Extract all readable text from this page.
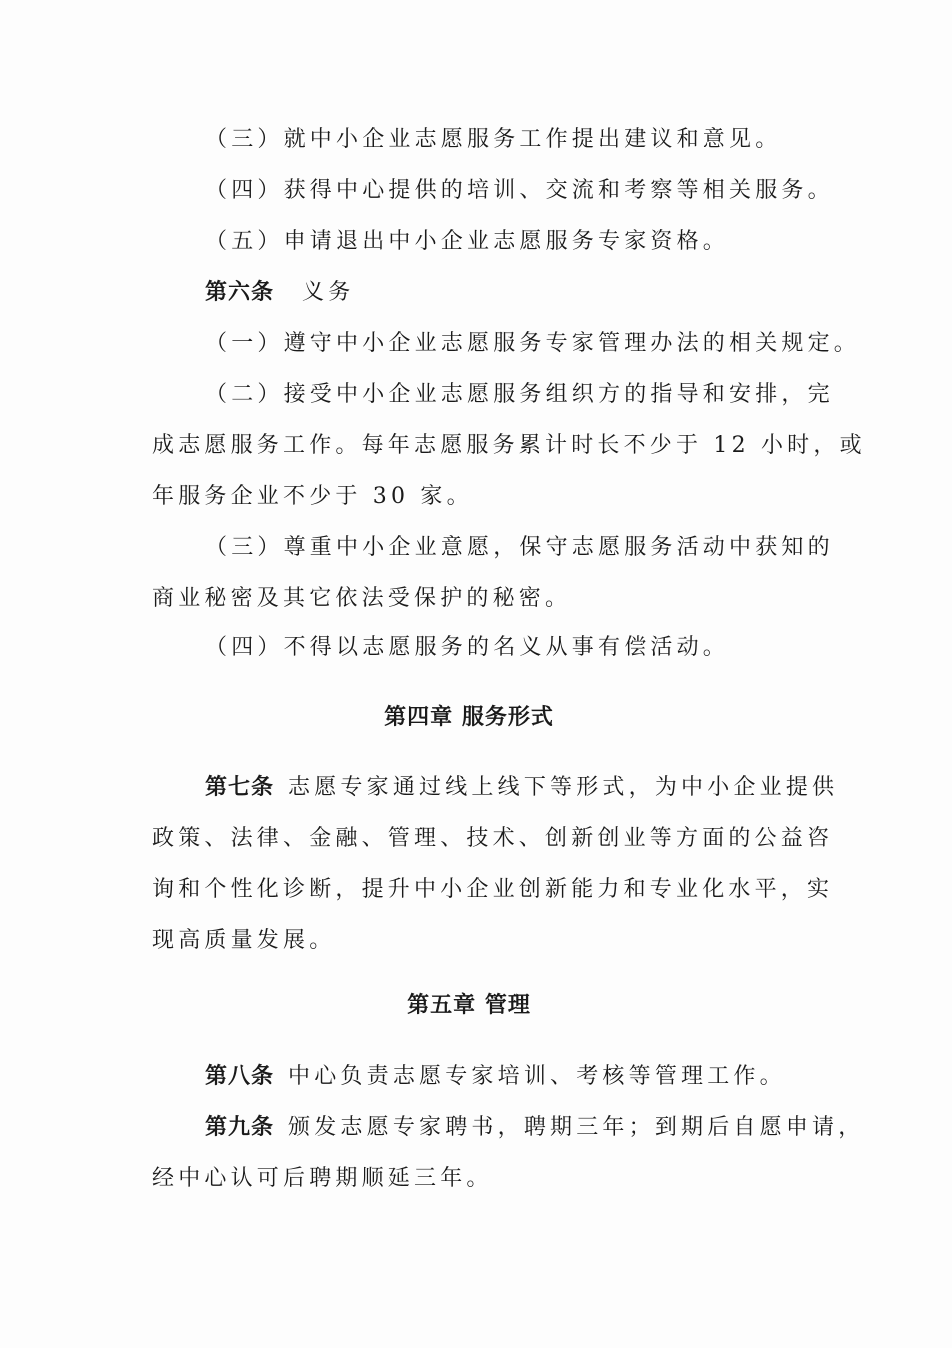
（三）就中小企业志愿服务工作提出建议和意见。
（四）获得中心提供的培训、交流和考察等相关服务。
（五）申请退出中小企业志愿服务专家资格。
第六条 义务
（一）遵守中小企业志愿服务专家管理办法的相关规定。
（二）接受中小企业志愿服务组织方的指导和安排，完
成志愿服务工作。每年志愿服务累计时长不少于 12 小时，或
年服务企业不少于 30 家。
（三）尊重中小企业意愿，保守志愿服务活动中获知的
商业秘密及其它依法受保护的秘密。
（四）不得以志愿服务的名义从事有偿活动。
第四章 服务形式
第七条 志愿专家通过线上线下等形式，为中小企业提供
政策、法律、金融、管理、技术、创新创业等方面的公益咨
询和个性化诊断，提升中小企业创新能力和专业化水平，实
现高质量发展。
第五章 管理
第八条 中心负责志愿专家培训、考核等管理工作。
第九条 颁发志愿专家聘书，聘期三年；到期后自愿申请，
经中心认可后聘期顺延三年。
